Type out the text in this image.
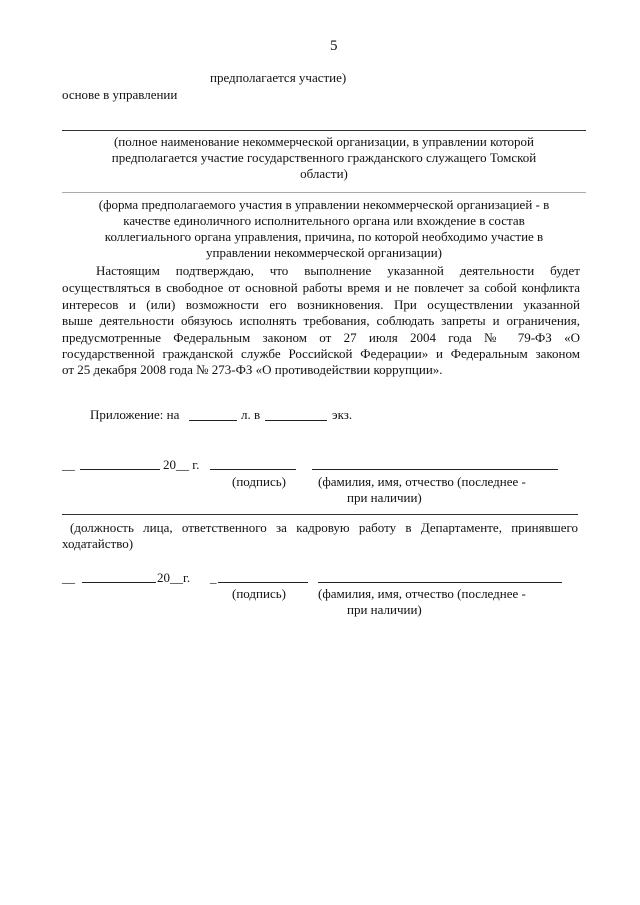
5
предполагается участие)
основе в управлении
(полное наименование некоммерческой организации, в управлении которой
предполагается участие государственного гражданского служащего Томской
области)
(форма предполагаемого участия в управлении некоммерческой организацией - в
качестве единоличного исполнительного органа или вхождение в состав
коллегиального органа управления, причина, по которой необходимо участие в
управлении некоммерческой организации)
Настоящим подтверждаю, что выполнение указанной деятельности будет
осуществляться в свободное от основной работы время и не повлечет за собой конфликта
интересов и (или) возможности его возникновения. При осуществлении указанной
выше деятельности обязуюсь исполнять требования, соблюдать запреты и ограничения,
предусмотренные Федеральным законом от 27 июля 2004 года № 79-ФЗ «О
государственной гражданской службе Российской Федерации» и Федеральным законом
от 25 декабря 2008 года № 273-ФЗ «О противодействии коррупции».
Приложение: на	л. в	экз.
__	20__ г.
(подпись) (фамилия, имя, отчество (последнее -
при наличии)
(должность лица, ответственного за кадровую работу в Департаменте, принявшего
ходатайство)
__	20__г. _
(подпись) (фамилия, имя, отчество (последнее -
при наличии)
